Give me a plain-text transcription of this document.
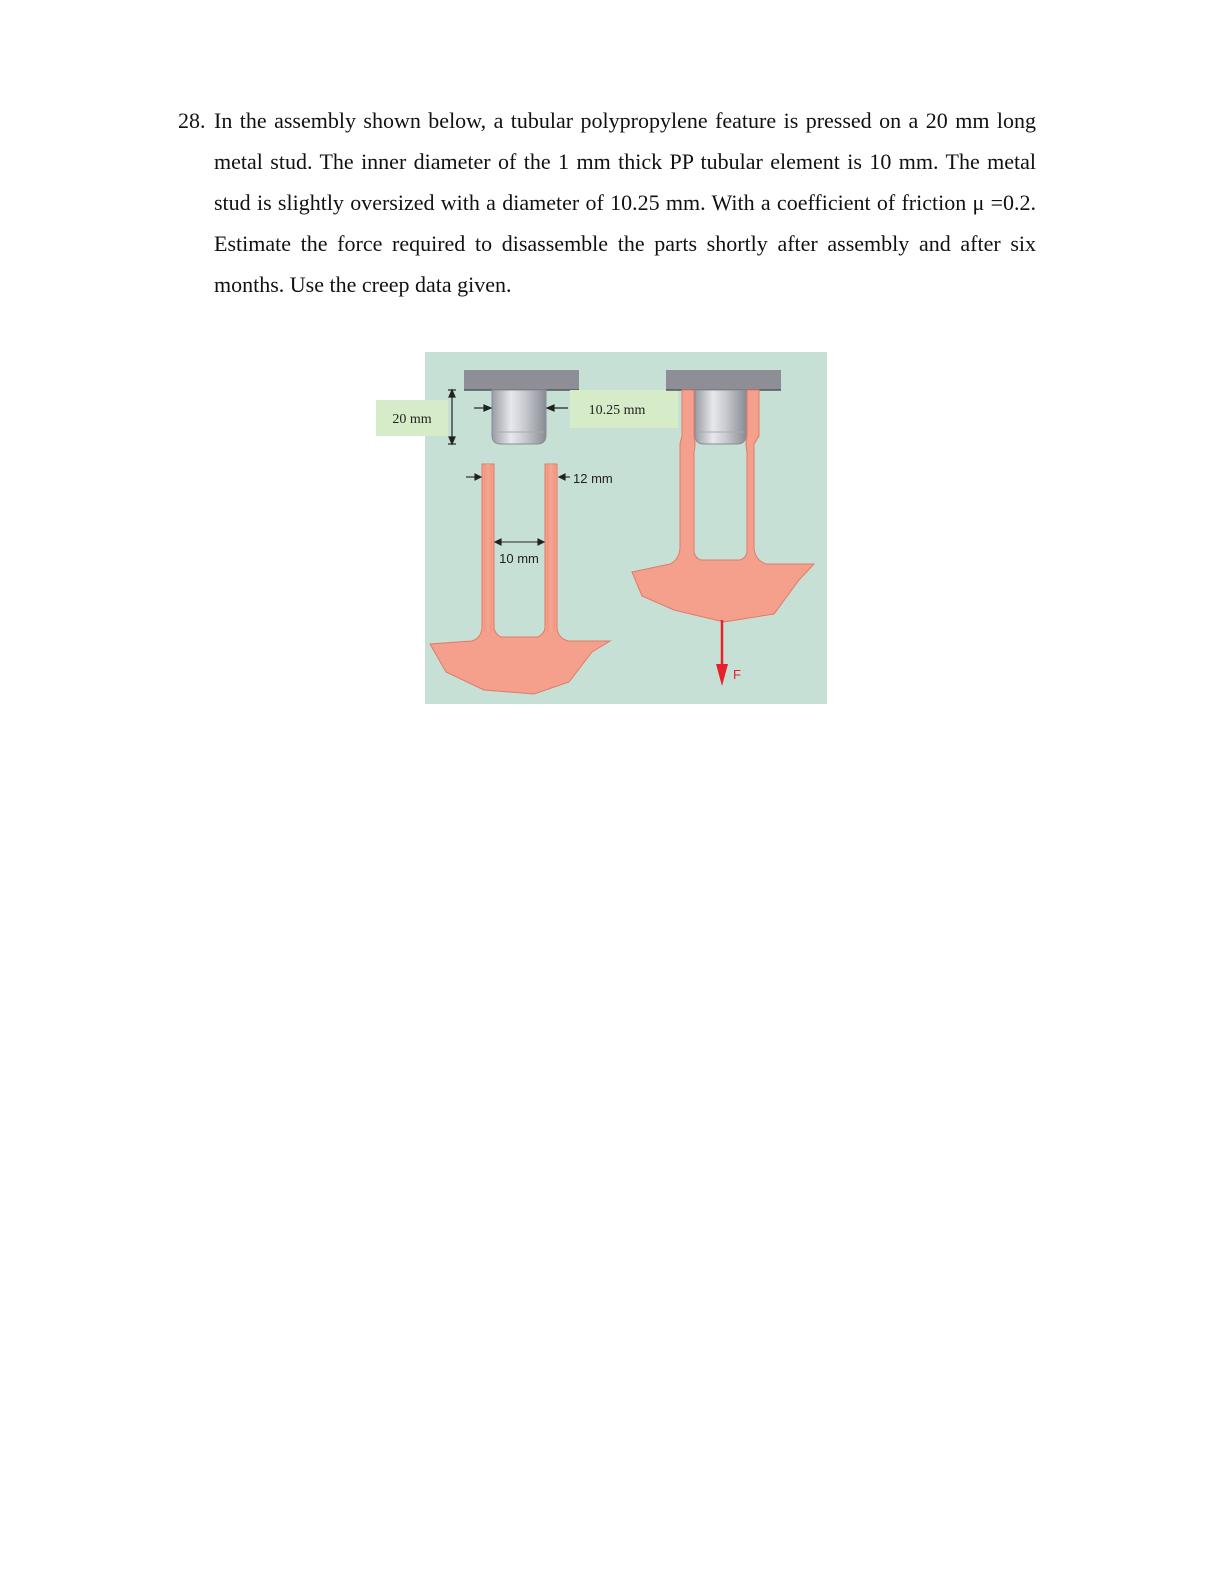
28. In the assembly shown below, a tubular polypropylene feature is pressed on a 20 mm long metal stud. The inner diameter of the 1 mm thick PP tubular element is 10 mm. The metal stud is slightly oversized with a diameter of 10.25 mm. With a coefficient of friction μ =0.2. Estimate the force required to disassemble the parts shortly after assembly and after six months. Use the creep data given.
20 mm
10.25 mm
12 mm
10 mm
F
